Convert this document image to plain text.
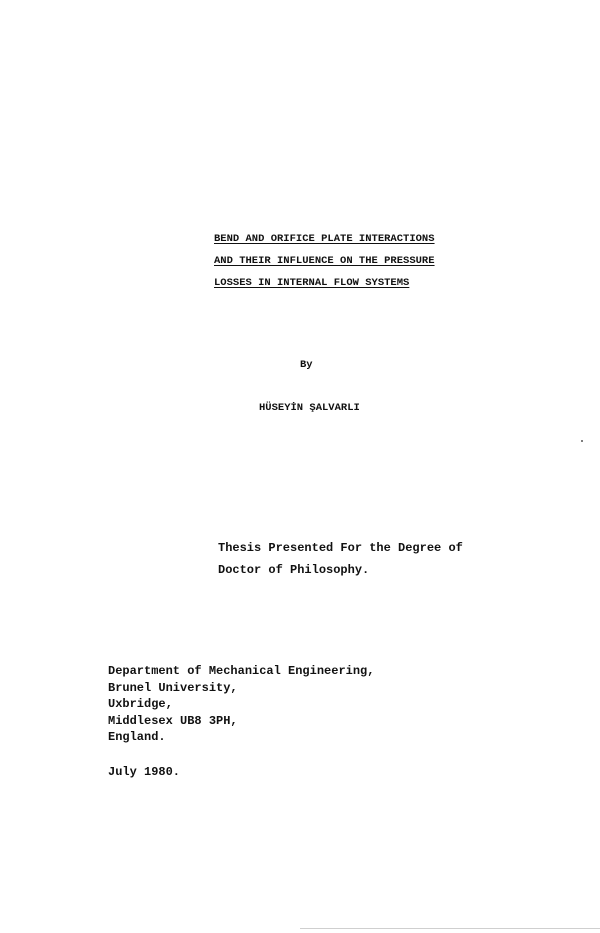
BEND AND ORIFICE PLATE INTERACTIONS
AND THEIR INFLUENCE ON THE PRESSURE
LOSSES IN INTERNAL FLOW SYSTEMS
By
HÜSEYİN ŞALVARLI
Thesis Presented For the Degree of
Doctor of Philosophy.
Department of Mechanical Engineering,
Brunel University,
Uxbridge,
Middlesex UB8 3PH,
England.
July 1980.
